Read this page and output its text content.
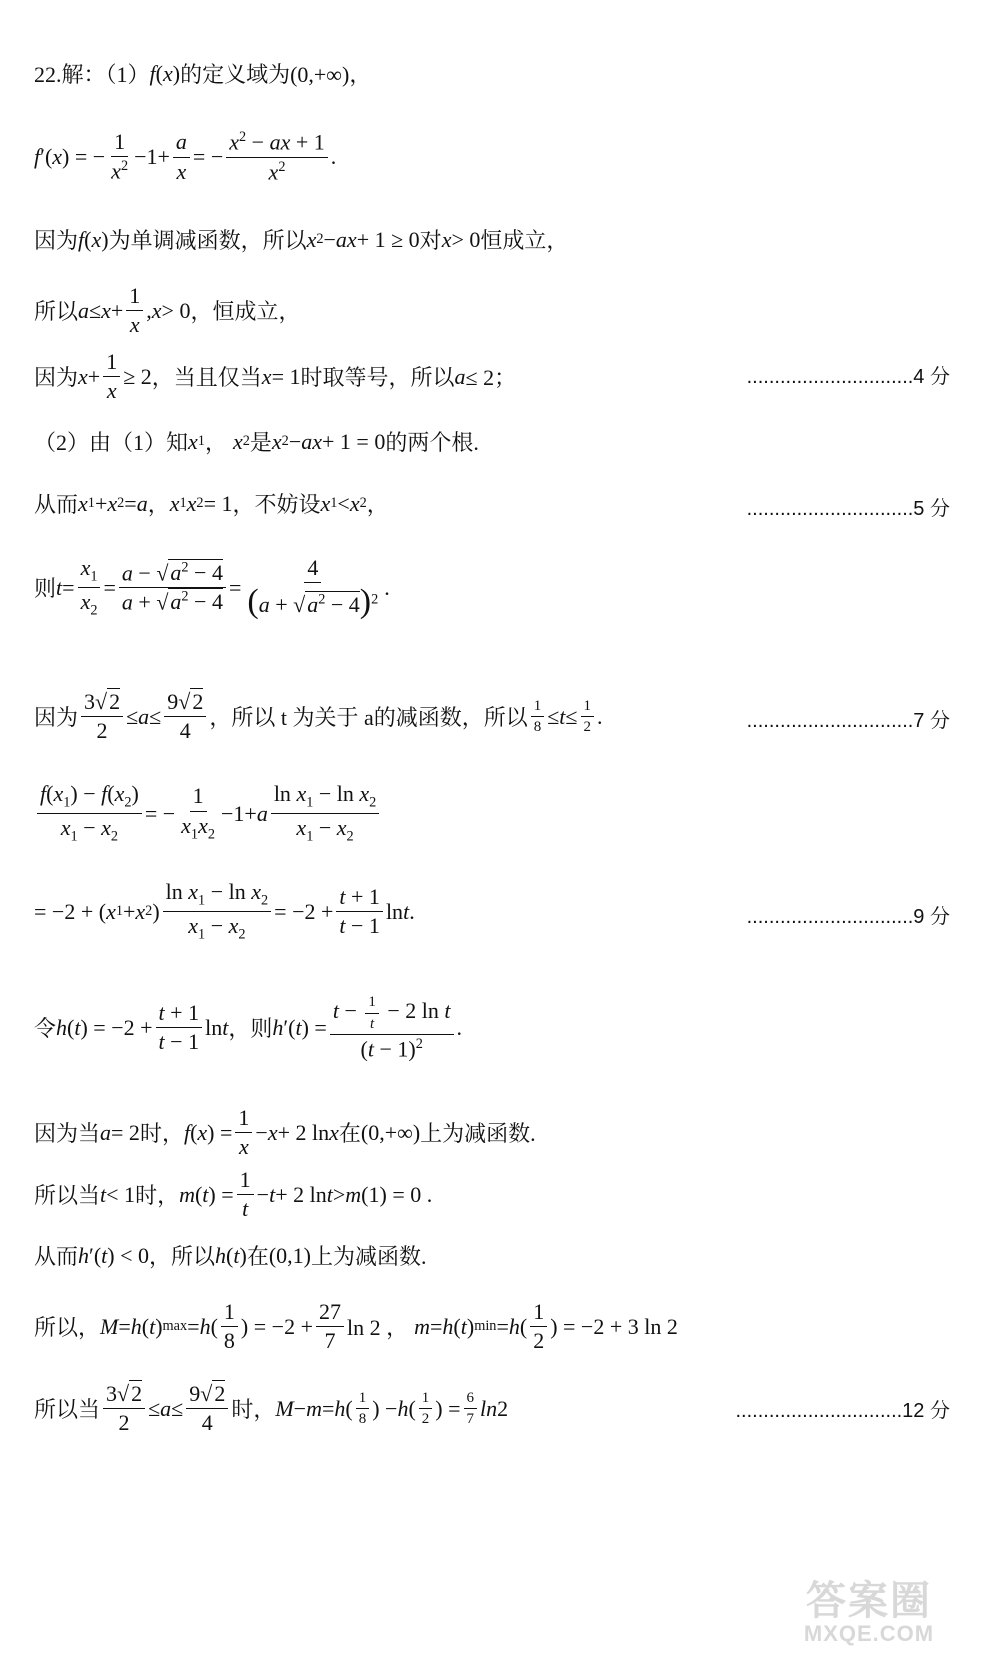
22.解：（1） f ( x ) 的定义域为 (0,+∞)，
f ′( x ) = − $\frac{1}{x^2} -1+ \frac{a}{x}$ = − $\frac{x^2 - ax + 1}{x^2}$ .
因为 f ( x ) 为单调减函数，所以 x 2 − ax + 1 ≥ 0 对 x > 0 恒成立，
所以 $a \le x + \frac{1}{x}$ , x > 0 ，恒成立，
因为 $x + \frac{1}{x} \ge 2$ ，当且仅当 x = 1 时取等号，所以 a ≤ 2；	..............................4 分
（2）由（1）知 x 1 ， x 2 是 x 2 − ax + 1 = 0 的两个根.
从而 x 1 + x 2 = a ， x 1 x 2 = 1 ，不妨设 x 1 < x 2 ，	..............................5 分
则 $t = \frac{x_1}{x_2} = \frac{a - √a^2 - 4}{a + √a^2 - 4} = \frac{4}{(a + √a^2 - 4)^2}$ .
因为 $\frac{3√2}{2} \le a \le \frac{9√2}{4}$ ，所以 t 为关于 a的减函数，所以 $\frac{1}{8} \le t \le \frac{1}{2}$ .	..............................7 分
$\frac{f(x_1) - f(x_2)}{x_1 - x_2}$ = − $\frac{1}{x_1x_2} -1+ a \frac{\ln x_1 - \ln x_2}{x_1 - x_2}$
= −2 + ( x 1 + x 2 ) $\frac{\ln x_1 - \ln x_2}{x_1 - x_2} = -2 + \frac{t + 1}{t - 1}$ ln t .	..............................9 分
令 h ( t ) = $-2 + \frac{t + 1}{t - 1}$ ln t ，则 h ′( t ) = $\frac{t - \frac{1}{t} - 2 \ln t}{(t - 1)^2}$ .
因为当 a = 2 时， f ( x ) = $\frac{1}{x} - x + 2$ ln x 在 (0,+∞) 上为减函数.
所以当 t < 1 时， m ( t ) = $\frac{1}{t} - t + 2$ ln t > m (1) = 0 .
从而 h ′( t ) < 0 ，所以 h ( t ) 在 (0,1) 上为减函数.
所以， M = h ( t ) max = h ( $\frac{1}{8}$ ) = $-2 + \frac{27}{7}$ ln 2 ， m = h ( t ) min = h ( $\frac{1}{2}$ ) = −2 + 3 ln 2
所以当 $\frac{3√2}{2} \le a \le \frac{9√2}{4}$ 时， M − m = h ( $\frac{1}{8}$ ) − h ( $\frac{1}{2}$ ) = $\frac{6}{7}$ ln 2	..............................12 分
答案圈
MXQE.COM
